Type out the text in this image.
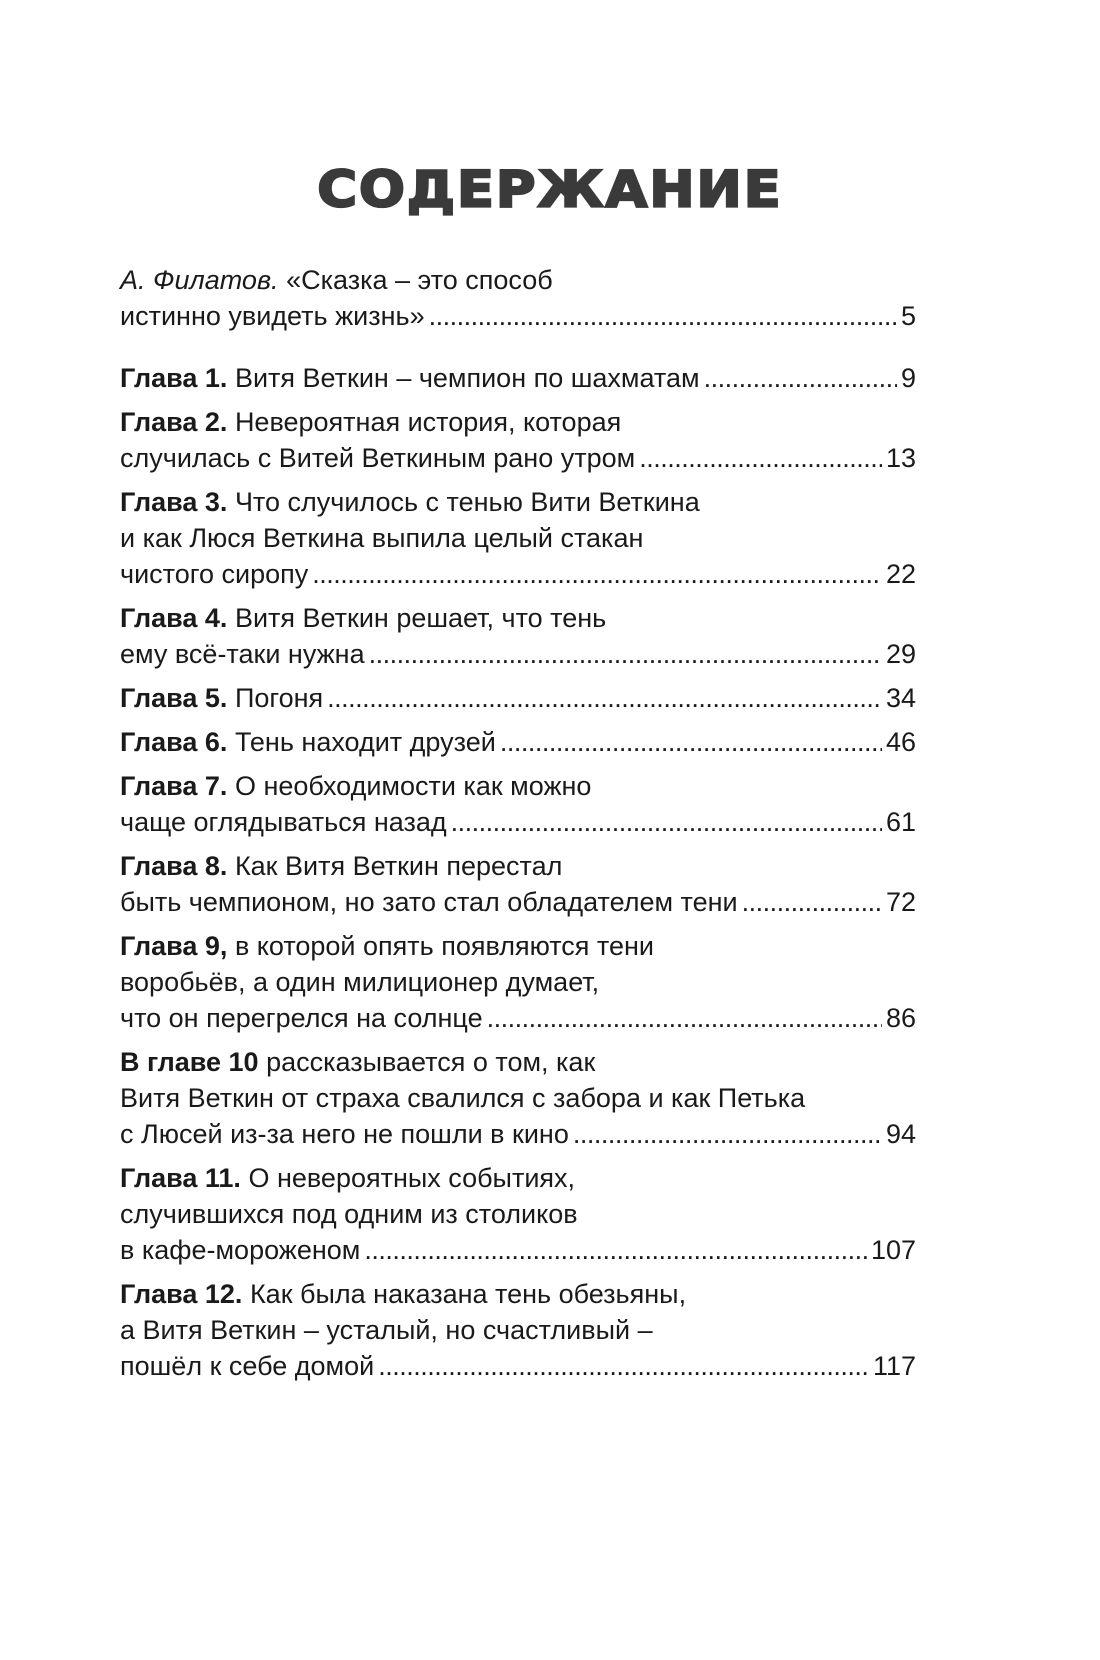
СОДЕРЖАНИЕ
А. Филатов. «Сказка – это способ
истинно увидеть жизнь» . . .	5
Глава 1. Витя Веткин – чемпион по шахматам . . .	9
Глава 2. Невероятная история, которая
случилась с Витей Веткиным рано утром . . .	13
Глава 3. Что случилось с тенью Вити Веткина
и как Люся Веткина выпила целый стакан
чистого сиропу . . .	22
Глава 4. Витя Веткин решает, что тень
ему всё-таки нужна . . .	29
Глава 5. Погоня . . .	34
Глава 6. Тень находит друзей . . .	46
Глава 7. О необходимости как можно
чаще оглядываться назад . . .	61
Глава 8. Как Витя Веткин перестал
быть чемпионом, но зато стал обладателем тени . . .	72
Глава 9, в которой опять появляются тени
воробьёв, а один милиционер думает,
что он перегрелся на солнце . . .	86
В главе 10 рассказывается о том, как
Витя Веткин от страха свалился с забора и как Петька
с Люсей из-за него не пошли в кино . . .	94
Глава 11. О невероятных событиях,
случившихся под одним из столиков
в кафе-мороженом . . .	107
Глава 12. Как была наказана тень обезьяны,
а Витя Веткин – усталый, но счастливый –
пошёл к себе домой . . .	117
